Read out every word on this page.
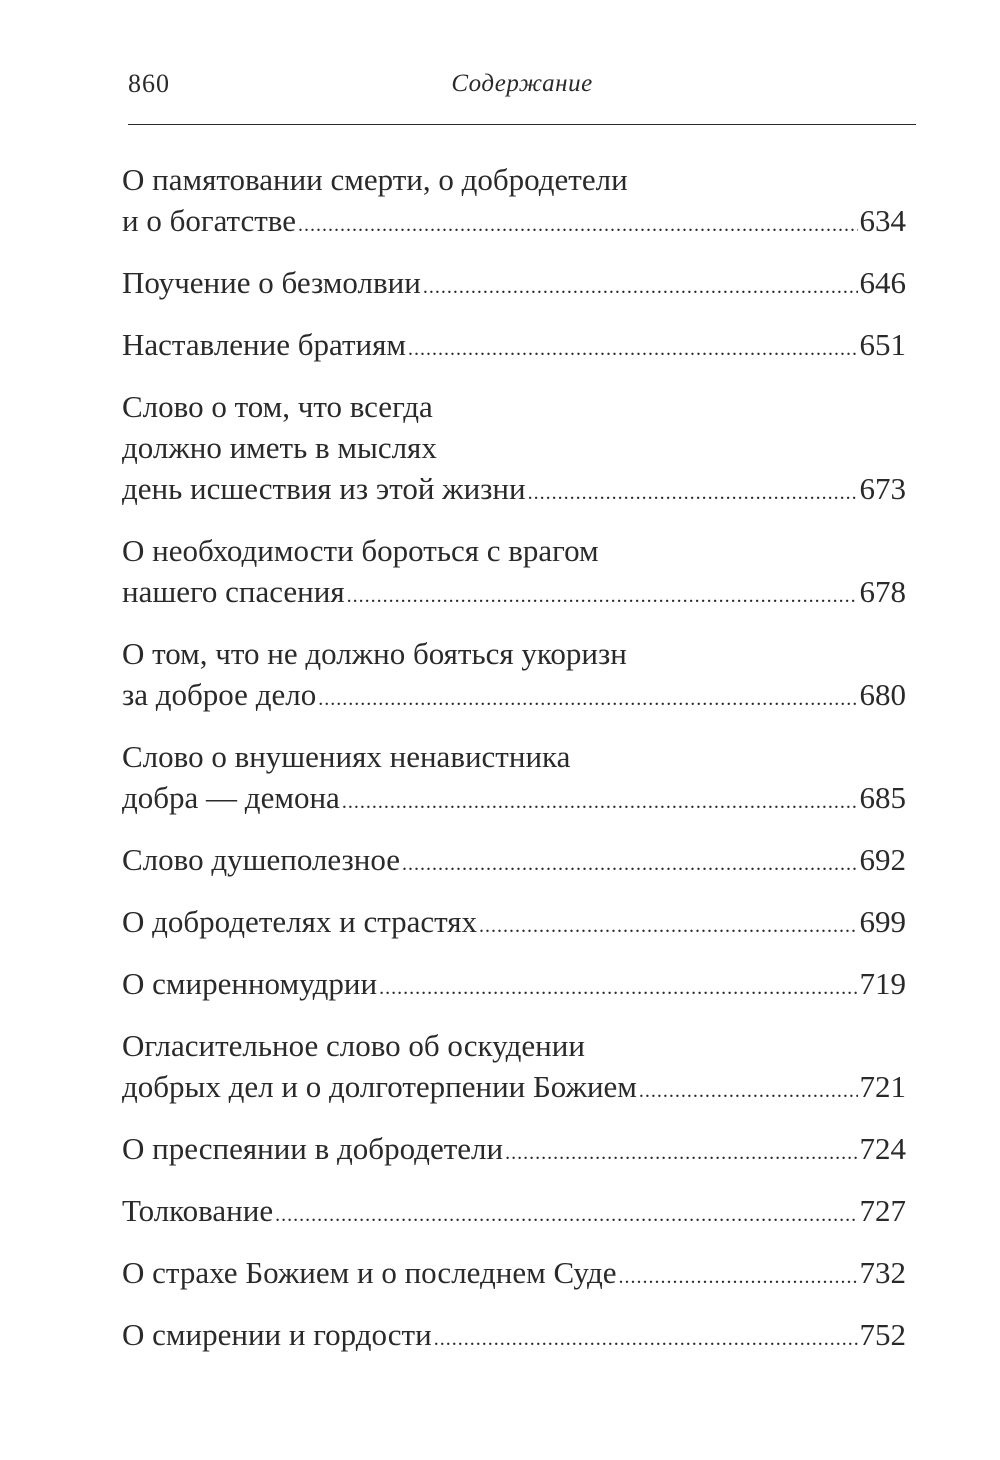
860	Содержание
О памятовании смерти, о добродетели
и о богатстве .....	634
Поучение о безмолвии .....	646
Наставление братиям .....	651
Слово о том, что всегда
должно иметь в мыслях
день исшествия из этой жизни .....	673
О необходимости бороться с врагом
нашего спасения .....	678
О том, что не должно бояться укоризн
за доброе дело .....	680
Слово о внушениях ненавистника
добра — демона .....	685
Слово душеполезное .....	692
О добродетелях и страстях .....	699
О смиренномудрии .....	719
Огласительное слово об оскудении
добрых дел и о долготерпении Божием .....	721
О преспеянии в добродетели .....	724
Толкование .....	727
О страхе Божием и о последнем Суде .....	732
О смирении и гордости .....	752
